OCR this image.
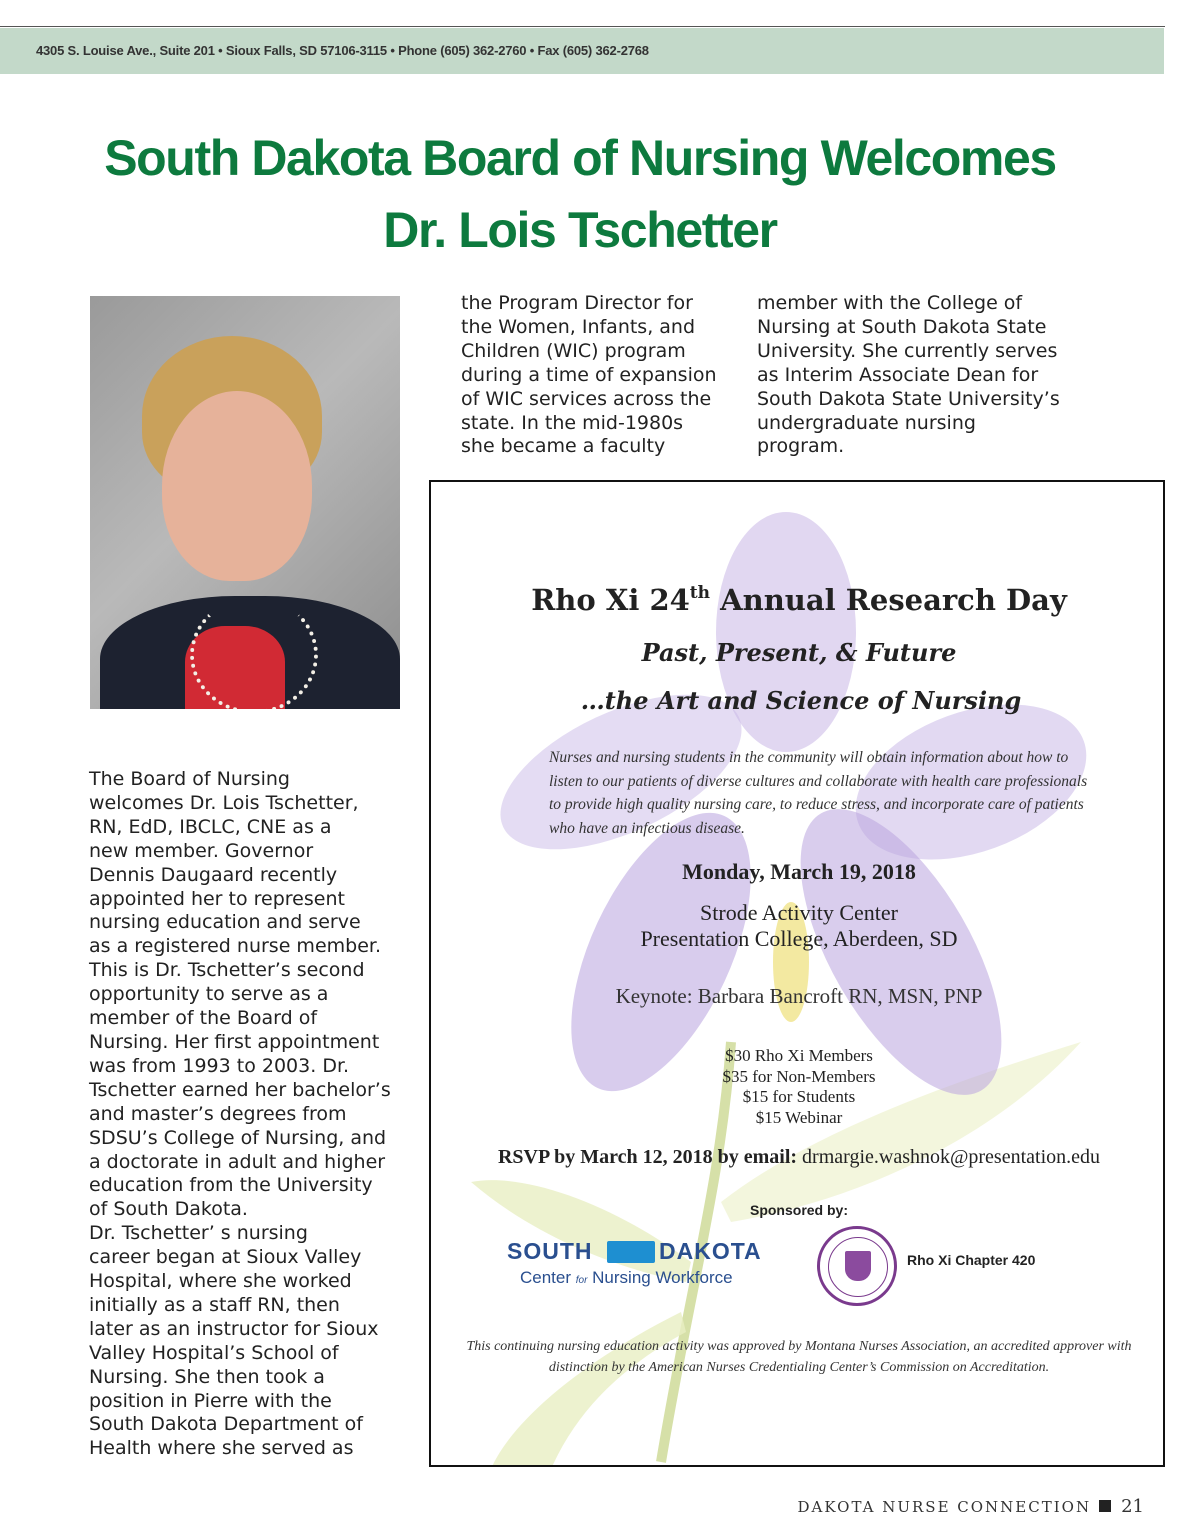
4305 S. Louise Ave., Suite 201 • Sioux Falls, SD 57106-3115 • Phone (605) 362-2760 • Fax (605) 362-2768
South Dakota Board of Nursing Welcomes
Dr. Lois Tschetter

The Board of Nursing
welcomes Dr. Lois Tschetter,
RN, EdD, IBCLC, CNE as a
new member. Governor
Dennis Daugaard recently
appointed her to represent
nursing education and serve
as a registered nurse member.
This is Dr. Tschetter’s second
opportunity to serve as a
member of the Board of
Nursing. Her first appointment
was from 1993 to 2003. Dr.
Tschetter earned her bachelor’s
and master’s degrees from
SDSU’s College of Nursing, and
a doctorate in adult and higher
education from the University
of South Dakota.
Dr. Tschetter’ s nursing
career began at Sioux Valley
Hospital, where she worked
initially as a staff RN, then
later as an instructor for Sioux
Valley Hospital’s School of
Nursing. She then took a
position in Pierre with the
South Dakota Department of
Health where she served as

the Program Director for
the Women, Infants, and
Children (WIC) program
during a time of expansion
of WIC services across the
state. In the mid-1980s
she became a faculty

member with the College of
Nursing at South Dakota State
University. She currently serves
as Interim Associate Dean for
South Dakota State University’s
undergraduate nursing
program.

Rho Xi 24th Annual Research Day

Past, Present, & Future

…the Art and Science of Nursing

Nurses and nursing students in the community will obtain information about how to listen to our patients of diverse cultures and collaborate with health care professionals to provide high quality nursing care, to reduce stress, and incorporate care of patients who have an infectious disease.

Monday, March 19, 2018

Strode Activity Center

Presentation College, Aberdeen, SD

Keynote: Barbara Bancroft RN, MSN, PNP

$30 Rho Xi Members

$35 for Non-Members

$15 for Students

$15 Webinar

RSVP by March 12, 2018 by email: drmargie.washnok@presentation.edu

Sponsored by:

SOUTH	DAKOTA
Center for Nursing Workforce
Rho Xi Chapter 420

This continuing nursing education activity was approved by Montana Nurses Association, an accredited approver with distinction by the American Nurses Credentialing Center’s Commission on Accreditation.

DAKOTA NURSE CONNECTION 21
